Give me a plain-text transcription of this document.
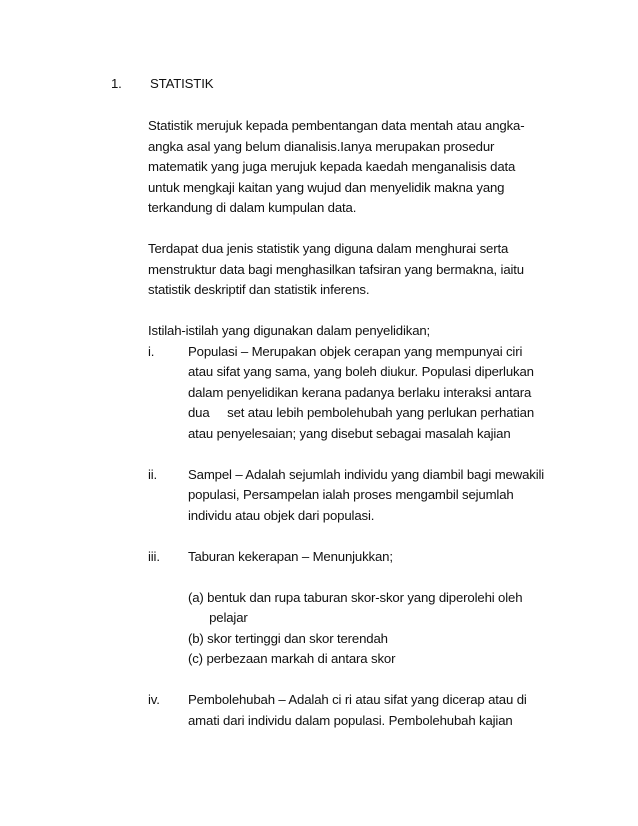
1. STATISTIK
Statistik merujuk kepada pembentangan data mentah atau angka-
angka asal yang belum dianalisis.Ianya merupakan prosedur
matematik yang juga merujuk kepada kaedah menganalisis data
untuk mengkaji kaitan yang wujud dan menyelidik makna yang
terkandung di dalam kumpulan data.
Terdapat dua jenis statistik yang diguna dalam menghurai serta
menstruktur data bagi menghasilkan tafsiran yang bermakna, iaitu
statistik deskriptif dan statistik inferens.
Istilah-istilah yang digunakan dalam penyelidikan;
i.	Populasi – Merupakan objek cerapan yang mempunyai ciri
atau sifat yang sama, yang boleh diukur. Populasi diperlukan
dalam penyelidikan kerana padanya berlaku interaksi antara
dua     set atau lebih pembolehubah yang perlukan perhatian
atau penyelesaian; yang disebut sebagai masalah kajian
ii. Sampel – Adalah sejumlah individu yang diambil bagi mewakili
populasi, Persampelan ialah proses mengambil sejumlah
individu atau objek dari populasi.
iii. Taburan kekerapan – Menunjukkan;
(a) bentuk dan rupa taburan skor-skor yang diperolehi oleh
pelajar
(b) skor tertinggi dan skor terendah
(c) perbezaan markah di antara skor
iv. Pembolehubah – Adalah ci ri atau sifat yang dicerap atau di
amati dari individu dalam populasi. Pembolehubah kajian
